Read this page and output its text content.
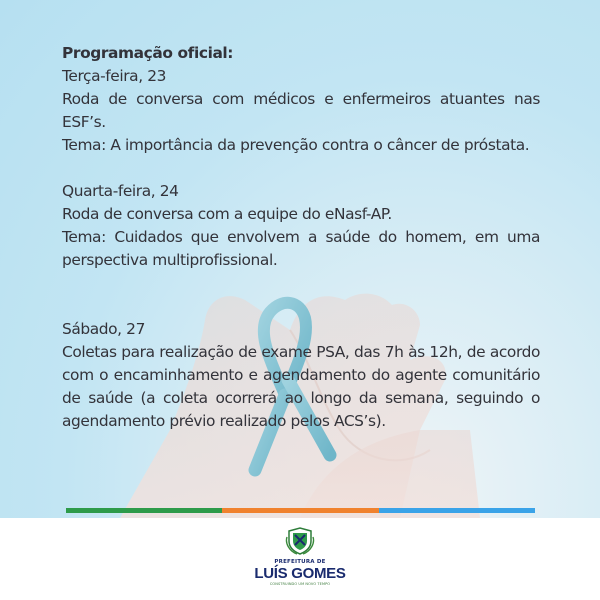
Programação oficial:

Terça-feira, 23

Roda de conversa com médicos e enfermeiros atuantes nas ESF’s.

Tema: A importância da prevenção contra o câncer de próstata.

Quarta-feira, 24

Roda de conversa com a equipe do eNasf-AP.

Tema: Cuidados que envolvem a saúde do homem, em uma perspectiva multiprofissional.

Sábado, 27

Coletas para realização de exame PSA, das 7h às 12h, de acordo com o encaminhamento e agendamento do agente comunitário de saúde (a coleta ocorrerá ao longo da semana, seguindo o agendamento prévio realizado pelos ACS’s).

PREFEITURA DE
LUÍS GOMES
CONSTRUINDO UM NOVO TEMPO
